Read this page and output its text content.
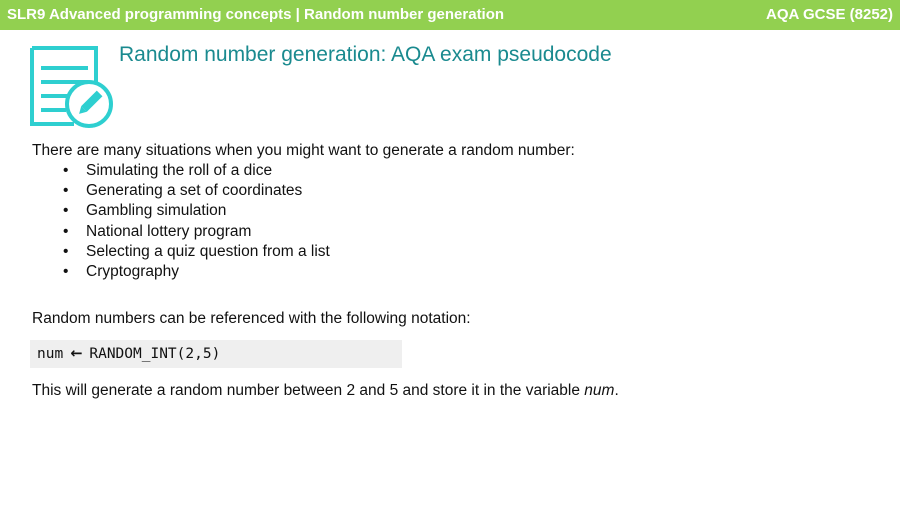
SLR9 Advanced programming concepts | Random number generation	AQA GCSE (8252)
Random number generation: AQA exam pseudocode
There are many situations when you might want to generate a random number:
• Simulating the roll of a dice
• Generating a set of coordinates
• Gambling simulation
• National lottery program
• Selecting a quiz question from a list
• Cryptography
Random numbers can be referenced with the following notation:
num ← RANDOM_INT(2,5)
This will generate a random number between 2 and 5 and store it in the variable num.
